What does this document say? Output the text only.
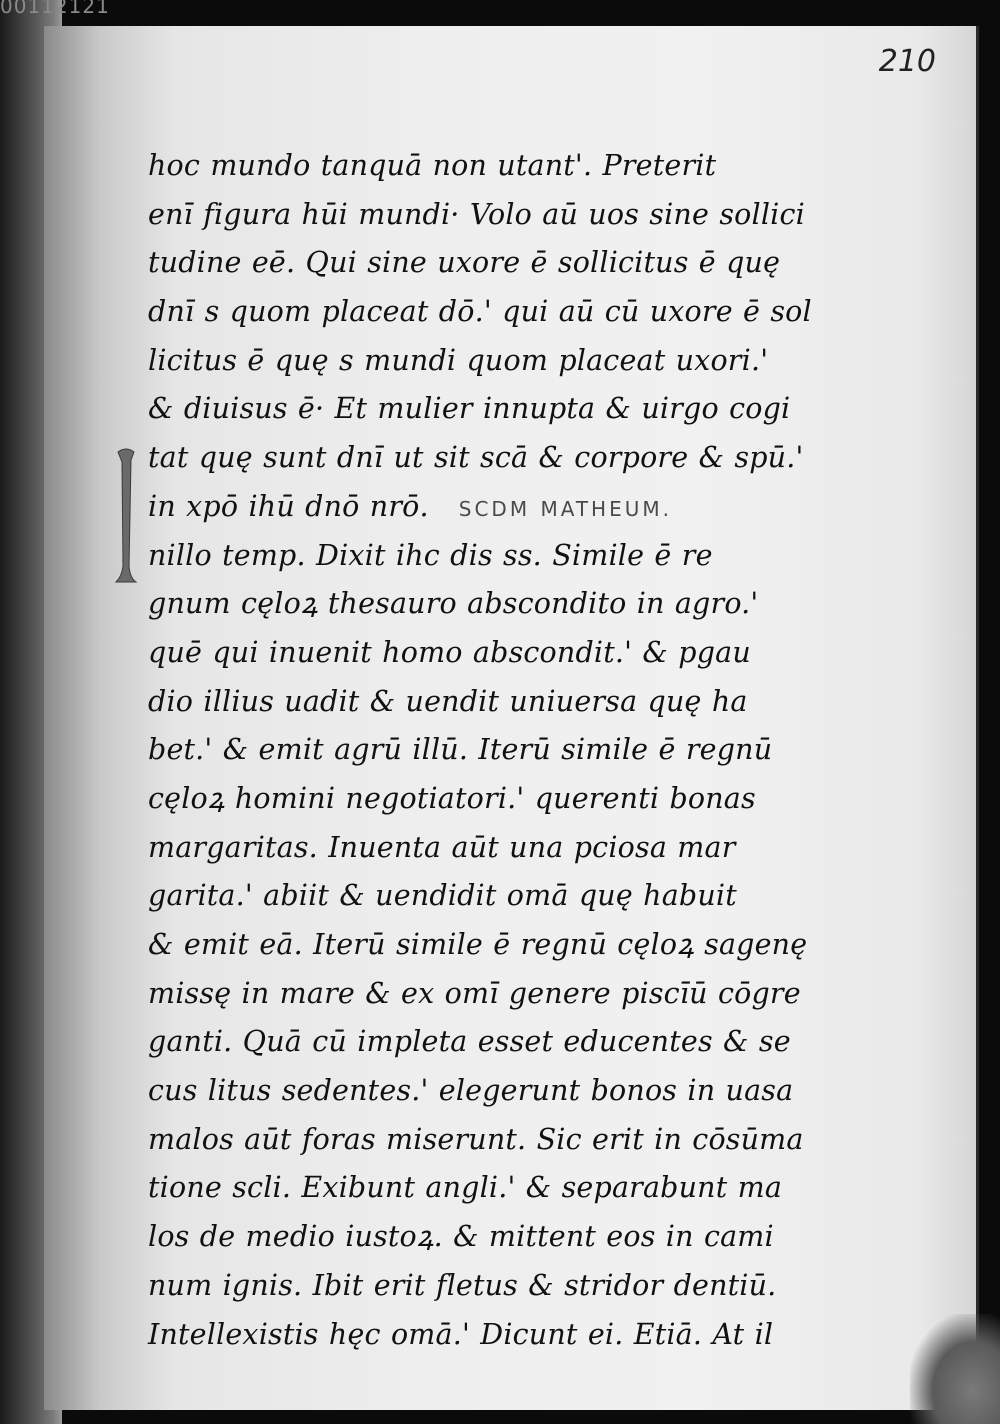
00112121
210
hoc mundo tanquā non utant'. Preterit
enī figura hūi mundi· Volo aū uos sine sollici
tudine eē. Qui sine uxore ē sollicitus ē quę
dnī s quom placeat dō.' qui aū cū uxore ē sol
licitus ē quę s mundi quom placeat uxori.'
& diuisus ē· Et mulier innupta & uirgo cogi
tat quę sunt dnī ut sit scā & corpore & spū.'
in xpō ihū dnō nrō. SCDM MATHEUM.
nillo temp. Dixit ihc dis ss. Simile ē re
gnum cęloꝝ thesauro abscondito in agro.'
quē qui inuenit homo abscondit.' & pgau
dio illius uadit & uendit uniuersa quę ha
bet.' & emit agrū illū. Iterū simile ē regnū
cęloꝝ homini negotiatori.' querenti bonas
margaritas. Inuenta aūt una pciosa mar
garita.' abiit & uendidit omā quę habuit
& emit eā. Iterū simile ē regnū cęloꝝ sagenę
missę in mare & ex omī genere piscīū cōgre
ganti. Quā cū impleta esset educentes & se
cus litus sedentes.' elegerunt bonos in uasa
malos aūt foras miserunt. Sic erit in cōsūma
tione scli. Exibunt angli.' & separabunt ma
los de medio iustoꝝ. & mittent eos in cami
num ignis. Ibit erit fletus & stridor dentiū.
Intellexistis hęc omā.' Dicunt ei. Etiā. At il
